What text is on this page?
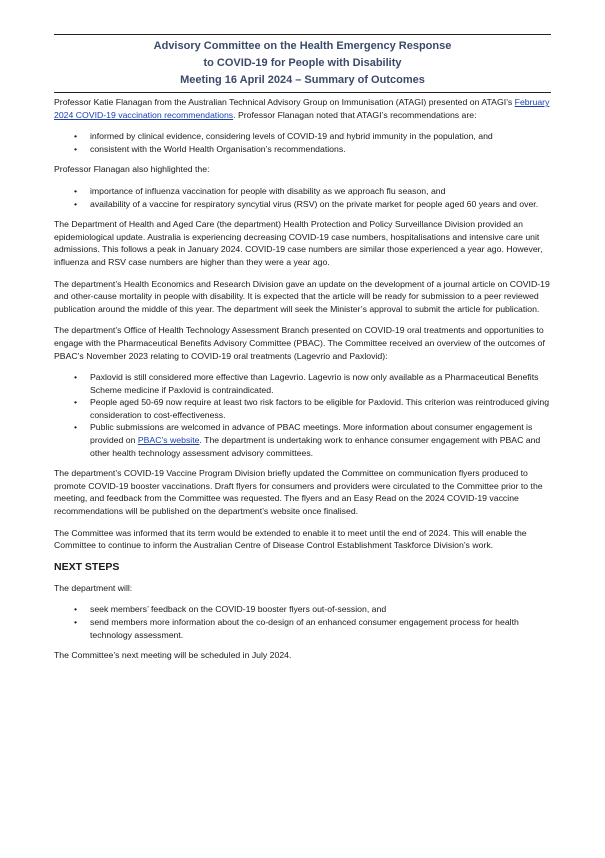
Advisory Committee on the Health Emergency Response
to COVID-19 for People with Disability
Meeting 16 April 2024 – Summary of Outcomes

Professor Katie Flanagan from the Australian Technical Advisory Group on Immunisation (ATAGI) presented on ATAGI’s February 2024 COVID-19 vaccination recommendations. Professor Flanagan noted that ATAGI’s recommendations are:

• informed by clinical evidence, considering levels of COVID-19 and hybrid immunity in the population, and
• consistent with the World Health Organisation’s recommendations.

Professor Flanagan also highlighted the:

• importance of influenza vaccination for people with disability as we approach flu season, and
• availability of a vaccine for respiratory syncytial virus (RSV) on the private market for people aged 60 years and over.

The Department of Health and Aged Care (the department) Health Protection and Policy Surveillance Division provided an epidemiological update. Australia is experiencing decreasing COVID-19 case numbers, hospitalisations and intensive care unit admissions. This follows a peak in January 2024. COVID-19 case numbers are similar those experienced a year ago. However, influenza and RSV case numbers are higher than they were a year ago.

The department’s Health Economics and Research Division gave an update on the development of a journal article on COVID-19 and other-cause mortality in people with disability. It is expected that the article will be ready for submission to a peer reviewed publication around the middle of this year. The department will seek the Minister’s approval to submit the article for publication.

The department’s Office of Health Technology Assessment Branch presented on COVID-19 oral treatments and opportunities to engage with the Pharmaceutical Benefits Advisory Committee (PBAC). The Committee received an overview of the outcomes of PBAC’s November 2023 relating to COVID-19 oral treatments (Lagevrio and Paxlovid):

• Paxlovid is still considered more effective than Lagevrio. Lagevrio is now only available as a Pharmaceutical Benefits Scheme medicine if Paxlovid is contraindicated.
• People aged 50-69 now require at least two risk factors to be eligible for Paxlovid. This criterion was reintroduced giving consideration to cost-effectiveness.
• Public submissions are welcomed in advance of PBAC meetings. More information about consumer engagement is provided on PBAC’s website. The department is undertaking work to enhance consumer engagement with PBAC and other health technology assessment advisory committees.

The department’s COVID-19 Vaccine Program Division briefly updated the Committee on communication flyers produced to promote COVID-19 booster vaccinations. Draft flyers for consumers and providers were circulated to the Committee prior to the meeting, and feedback from the Committee was requested. The flyers and an Easy Read on the 2024 COVID-19 vaccine recommendations will be published on the department’s website once finalised.

The Committee was informed that its term would be extended to enable it to meet until the end of 2024. This will enable the Committee to continue to inform the Australian Centre of Disease Control Establishment Taskforce Division’s work.

NEXT STEPS

The department will:

• seek members’ feedback on the COVID-19 booster flyers out-of-session, and
• send members more information about the co-design of an enhanced consumer engagement process for health technology assessment.

The Committee’s next meeting will be scheduled in July 2024.
